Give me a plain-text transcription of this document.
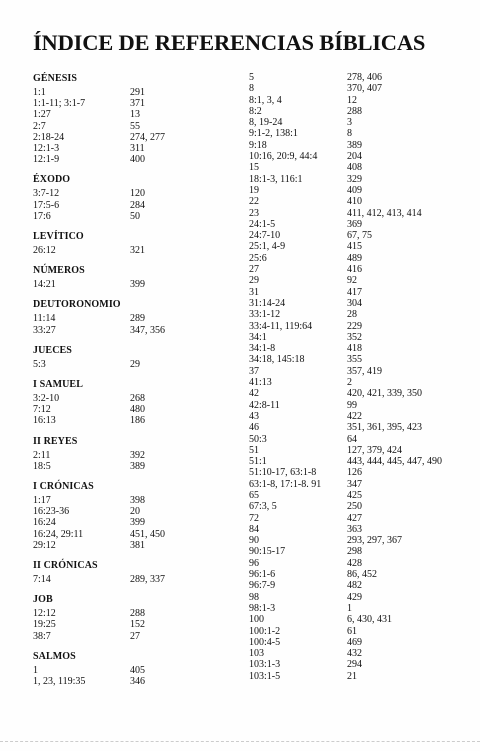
ÍNDICE DE REFERENCIAS BÍBLICAS
GÉNESIS
1:1	291
1:1-11; 3:1-7	371
1:27	13
2:7	55
2:18-24	274, 277
12:1-3	311
12:1-9	400
ÉXODO
3:7-12	120
17:5-6	284
17:6	50
LEVÍTICO
26:12	321
NÚMEROS
14:21	399
DEUTORONOMIO
11:14	289
33:27	347, 356
JUECES
5:3	29
I SAMUEL
3:2-10	268
7:12	480
16:13	186
II REYES
2:11	392
18:5	389
I CRÓNICAS
1:17	398
16:23-36	20
16:24	399
16:24, 29:11	451, 450
29:12	381
II CRÓNICAS
7:14	289, 337
JOB
12:12	288
19:25	152
38:7	27
SALMOS
1	405
1, 23, 119:35	346
5	278, 406
8	370, 407
8:1, 3, 4	12
8:2	288
8, 19-24	3
9:1-2, 138:1	8
9:18	389
10:16, 20:9, 44:4	204
15	408
18:1-3, 116:1	329
19	409
22	410
23	411, 412, 413, 414
24:1-5	369
24:7-10	67, 75
25:1, 4-9	415
25:6	489
27	416
29	92
31	417
31:14-24	304
33:1-12	28
33:4-11, 119:64	229
34:1	352
34:1-8	418
34:18, 145:18	355
37	357, 419
41:13	2
42	420, 421, 339, 350
42:8-11	99
43	422
46	351, 361, 395, 423
50:3	64
51	127, 379, 424
51:1	443, 444, 445, 447, 490
51:10-17, 63:1-8	126
63:1-8, 17:1-8. 91	347
65	425
67:3, 5	250
72	427
84	363
90	293, 297, 367
90:15-17	298
96	428
96:1-6	86, 452
96:7-9	482
98	429
98:1-3	1
100	6, 430, 431
100:1-2	61
100:4-5	469
103	432
103:1-3	294
103:1-5	21
